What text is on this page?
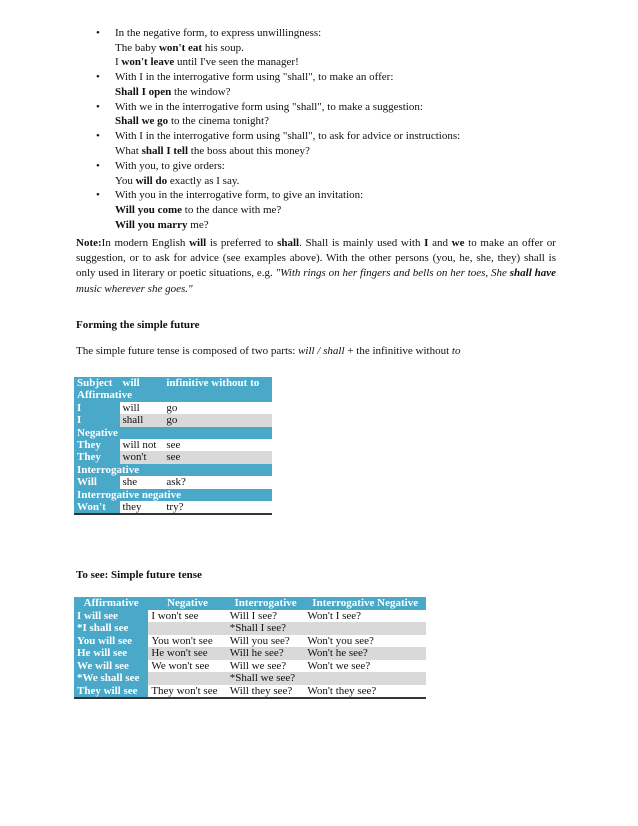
• In the negative form, to express unwillingness:
The baby won't eat his soup.
I won't leave until I've seen the manager!
• With I in the interrogative form using "shall", to make an offer:
Shall I open the window?
• With we in the interrogative form using "shall", to make a suggestion:
Shall we go to the cinema tonight?
• With I in the interrogative form using "shall", to ask for advice or instructions:
What shall I tell the boss about this money?
• With you, to give orders:
You will do exactly as I say.
• With you in the interrogative form, to give an invitation:
Will you come to the dance with me?
Will you marry me?
Note:In modern English will is preferred to shall. Shall is mainly used with I and we to make an offer or suggestion, or to ask for advice (see examples above). With the other persons (you, he, she, they) shall is only used in literary or poetic situations, e.g. "With rings on her fingers and bells on her toes, She shall have music wherever she goes."
Forming the simple future
The simple future tense is composed of two parts: will / shall + the infinitive without to
Subject	will	infinitive without to
Affirmative		
I	will	go
I	shall	go
Negative		
They	will not	see
They	won't	see
Interrogative		
Will	she	ask?
Interrogative negative		
Won't	they	try?
To see: Simple future tense
Affirmative	Negative	Interrogative	Interrogative Negative
I will see	I won't see	Will I see?	Won't I see?
*I shall see		*Shall I see?	
You will see	You won't see	Will you see?	Won't you see?
He will see	He won't see	Will he see?	Won't he see?
We will see	We won't see	Will we see?	Won't we see?
*We shall see		*Shall we see?	
They will see	They won't see	Will they see?	Won't they see?
